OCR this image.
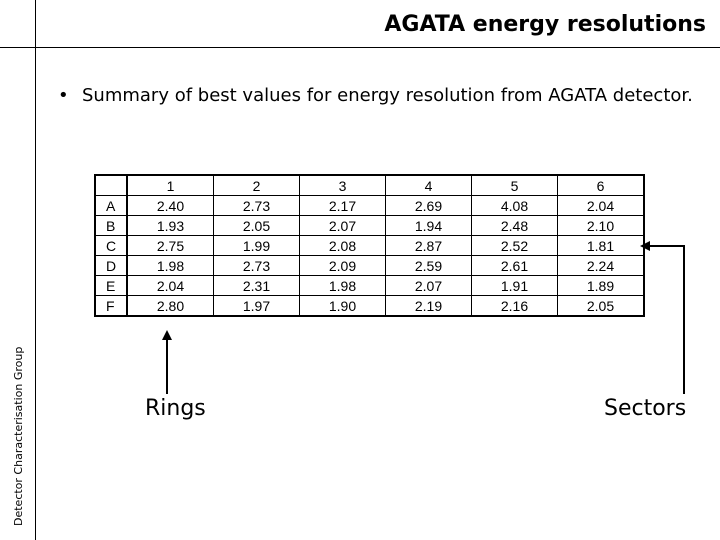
AGATA energy resolutions
Detector Characterisation Group
• Summary of best values for energy resolution from AGATA detector.
	1	2	3	4	5	6
A	2.40	2.73	2.17	2.69	4.08	2.04
B	1.93	2.05	2.07	1.94	2.48	2.10
C	2.75	1.99	2.08	2.87	2.52	1.81
D	1.98	2.73	2.09	2.59	2.61	2.24
E	2.04	2.31	1.98	2.07	1.91	1.89
F	2.80	1.97	1.90	2.19	2.16	2.05
Rings	Sectors
